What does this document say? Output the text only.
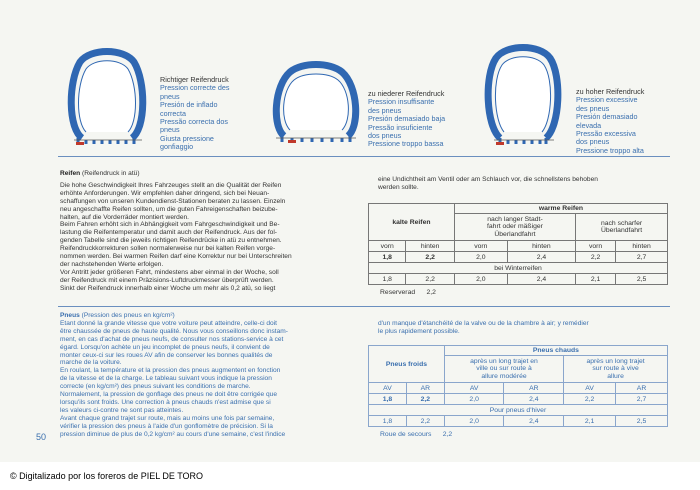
Richtiger Reifendruck
Pression correcte des
pneus
Presión de inflado
correcta
Pressão correcta dos
pneus
Giusta pressione
gonfiaggio
zu niederer Reifendruck
Pression insuffisante
des pneus
Presión demasiado baja
Pressão insuficiente
dos pneus
Pressione troppo bassa
zu hoher Reifendruck
Pression excessive
des pneus
Presión demasiado
elevada
Pressão excessiva
dos pneus
Pressione troppo alta

Reifen (Reifendruck in atü)

Die hohe Geschwindigkeit Ihres Fahrzeuges stellt an die Qualität der Reifen

erhöhte Anforderungen. Wir empfehlen daher dringend, sich bei Neuan-

schaffungen von unseren Kundendienst-Stationen beraten zu lassen. Einzeln

neu angeschaffte Reifen sollten, um die guten Fahreigenschaften beizube-

halten, auf die Vorderräder montiert werden.

Beim Fahren erhöht sich in Abhängigkeit vom Fahrgeschwindigkeit und Be-

lastung die Reifentemperatur und damit auch der Reifendruck. Aus der fol-

genden Tabelle sind die jeweils richtigen Reifendrücke in atü zu entnehmen.

Reifendruckkorrekturen sollen normalerweise nur bei kalten Reifen vorge-

nommen werden. Bei warmen Reifen darf eine Korrektur nur bei Unterschreiten

der nachstehenden Werte erfolgen.

Vor Antritt jeder größeren Fahrt, mindestens aber einmal in der Woche, soll

der Reifendruck mit einem Präzisions-Luftdruckmesser überprüft werden.

Sinkt der Reifendruck innerhalb einer Woche um mehr als 0,2 atü, so liegt

eine Undichtheit am Ventil oder am Schlauch vor, die schnellstens behoben

werden sollte.

kalte Reifen		warme Reifen			
		nach langer Stadt-
fahrt oder mäßiger
Überlandfahrt		nach scharfer
Überlandfahrt	
vorn	hinten	vorn	hinten	vorn	hinten
1,8	2,2	2,0	2,4	2,2	2,7
bei Winterreifen					
1,8	2,2	2,0	2,4	2,1	2,5
Reserverad 2,2

Pneus (Pression des pneus en kg/cm²)

Etant donné la grande vitesse que votre voiture peut atteindre, celle-ci doit

être chaussée de pneus de haute qualité. Nous vous conseillons donc instam-

ment, en cas d'achat de pneus neufs, de consulter nos stations-service à cet

égard. Lorsqu'on achète un jeu incomplet de pneus neufs, il convient de

monter ceux-ci sur les roues AV afin de conserver les bonnes qualités de

marche de la voiture.

En roulant, la température et la pression des pneus augmentent en fonction

de la vitesse et de la charge. Le tableau suivant vous indique la pression

correcte (en kg/cm²) des pneus suivant les conditions de marche.

Normalement, la pression de gonflage des pneus ne doit être corrigée que

lorsqu'ils sont froids. Une correction à pneus chauds n'est admise que si

les valeurs ci-contre ne sont pas atteintes.

Avant chaque grand trajet sur route, mais au moins une fois par semaine,

vérifier la pression des pneus à l'aide d'un gonflomètre de précision. Si la

pression diminue de plus de 0,2 kg/cm² au cours d'une semaine, c'est l'indice

d'un manque d'étanchéité de la valve ou de la chambre à air; y remédier

le plus rapidement possible.

Pneus froids		Pneus chauds			
		après un long trajet en
ville ou sur route à
allure modérée		après un long trajet
sur route à vive
allure	
AV	AR	AV	AR	AV	AR
1,8	2,2	2,0	2,4	2,2	2,7
Pour pneus d'hiver					
1,8	2,2	2,0	2,4	2,1	2,5
Roue de secours 2,2
50
© Digitalizado por los foreros de PIEL DE TORO
